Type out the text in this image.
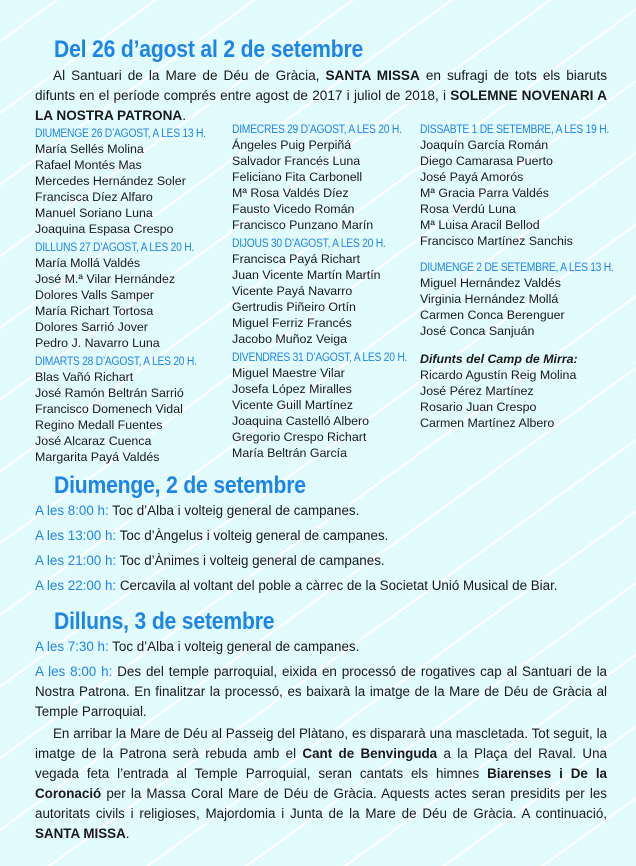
Del 26 d’agost al 2 de setembre

Al Santuari de la Mare de Déu de Gràcia, SANTA MISSA en sufragi de tots els biaruts difunts en el període comprés entre agost de 2017 i juliol de 2018, i SOLEMNE NOVENARI A LA NOSTRA PATRONA.

DIUMENGE 26 D’AGOST, A LES 13 H.
María Sellés Molina
Rafael Montés Mas
Mercedes Hernández Soler
Francisca Díez Alfaro
Manuel Soriano Luna
Joaquina Espasa Crespo
DILLUNS 27 D’AGOST, A LES 20 H.
María Mollá Valdés
José M.ª Vilar Hernández
Dolores Valls Samper
María Richart Tortosa
Dolores Sarrió Jover
Pedro J. Navarro Luna
DIMARTS 28 D’AGOST, A LES 20 H.
Blas Vañó Richart
José Ramón Beltrán Sarrió
Francisco Domenech Vidal
Regino Medall Fuentes
José Alcaraz Cuenca
Margarita Payá Valdés
DIMECRES 29 D’AGOST, A LES 20 H.
Ángeles Puig Perpiñá
Salvador Francés Luna
Feliciano Fita Carbonell
Mª Rosa Valdés Díez
Fausto Vicedo Román
Francisco Punzano Marín
DIJOUS 30 D’AGOST, A LES 20 H.
Francisca Payá Richart
Juan Vicente Martín Martín
Vicente Payá Navarro
Gertrudis Piñeiro Ortín
Miguel Ferriz Francés
Jacobo Muñoz Veiga
DIVENDRES 31 D’AGOST, A LES 20 H.
Miguel Maestre Vilar
Josefa López Miralles
Vicente Guill Martínez
Joaquina Castelló Albero
Gregorio Crespo Richart
María Beltrán García
DISSABTE 1 DE SETEMBRE, A LES 19 H.
Joaquín García Román
Diego Camarasa Puerto
José Payá Amorós
Mª Gracia Parra Valdés
Rosa Verdú Luna
Mª Luisa Aracil Bellod
Francisco Martínez Sanchis
DIUMENGE 2 DE SETEMBRE, A LES 13 H.
Miguel Hernández Valdés
Virginia Hernández Mollá
Carmen Conca Berenguer
José Conca Sanjuán
Difunts del Camp de Mirra:
Ricardo Agustín Reig Molina
José Pérez Martínez
Rosario Juan Crespo
Carmen Martínez Albero
Diumenge, 2 de setembre
A les 8:00 h: Toc d’Alba i volteig general de campanes.
A les 13:00 h: Toc d’Àngelus i volteig general de campanes.
A les 21:00 h: Toc d’Ànimes i volteig general de campanes.
A les 22:00 h: Cercavila al voltant del poble a càrrec de la Societat Unió Musical de Biar.
Dilluns, 3 de setembre
A les 7:30 h: Toc d’Alba i volteig general de campanes.

A les 8:00 h: Des del temple parroquial, eixida en processó de rogatives cap al Santuari de la Nostra Patrona. En finalitzar la processó, es baixarà la imatge de la Mare de Déu de Gràcia al Temple Parroquial.

En arribar la Mare de Déu al Passeig del Plàtano, es dispararà una mascletada. Tot seguit, la imatge de la Patrona serà rebuda amb el Cant de Benvinguda a la Plaça del Raval. Una vegada feta l’entrada al Temple Parroquial, seran cantats els himnes Biarenses i De la Coronació per la Massa Coral Mare de Déu de Gràcia. Aquests actes seran presidits per les autoritats civils i religioses, Majordomia i Junta de la Mare de Déu de Gràcia. A continuació, SANTA MISSA.
